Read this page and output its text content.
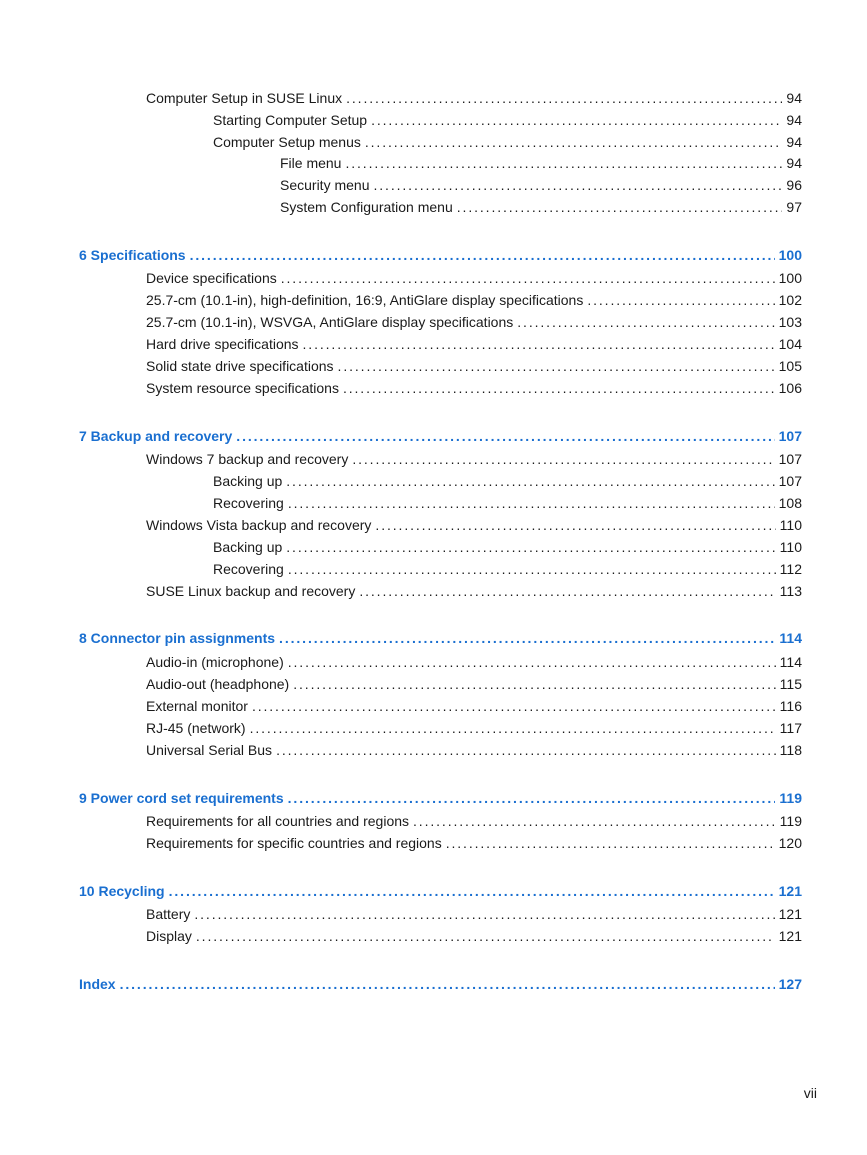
Computer Setup in SUSE Linux . . .	94
Starting Computer Setup . . .	94
Computer Setup menus . . .	94
File menu . . .	94
Security menu . . .	96
System Configuration menu . . .	97
6 Specifications . . .	100
Device specifications . . .	100
25.7-cm (10.1-in), high-definition, 16:9, AntiGlare display specifications . . .	102
25.7-cm (10.1-in), WSVGA, AntiGlare display specifications . . .	103
Hard drive specifications . . .	104
Solid state drive specifications . . .	105
System resource specifications . . .	106
7 Backup and recovery . . .	107
Windows 7 backup and recovery . . .	107
Backing up . . .	107
Recovering . . .	108
Windows Vista backup and recovery . . .	110
Backing up . . .	110
Recovering . . .	112
SUSE Linux backup and recovery . . .	113
8 Connector pin assignments . . .	114
Audio-in (microphone) . . .	114
Audio-out (headphone) . . .	115
External monitor . . .	116
RJ-45 (network) . . .	117
Universal Serial Bus . . .	118
9 Power cord set requirements . . .	119
Requirements for all countries and regions . . .	119
Requirements for specific countries and regions . . .	120
10 Recycling . . .	121
Battery . . .	121
Display . . .	121
Index . . .	127
vii
